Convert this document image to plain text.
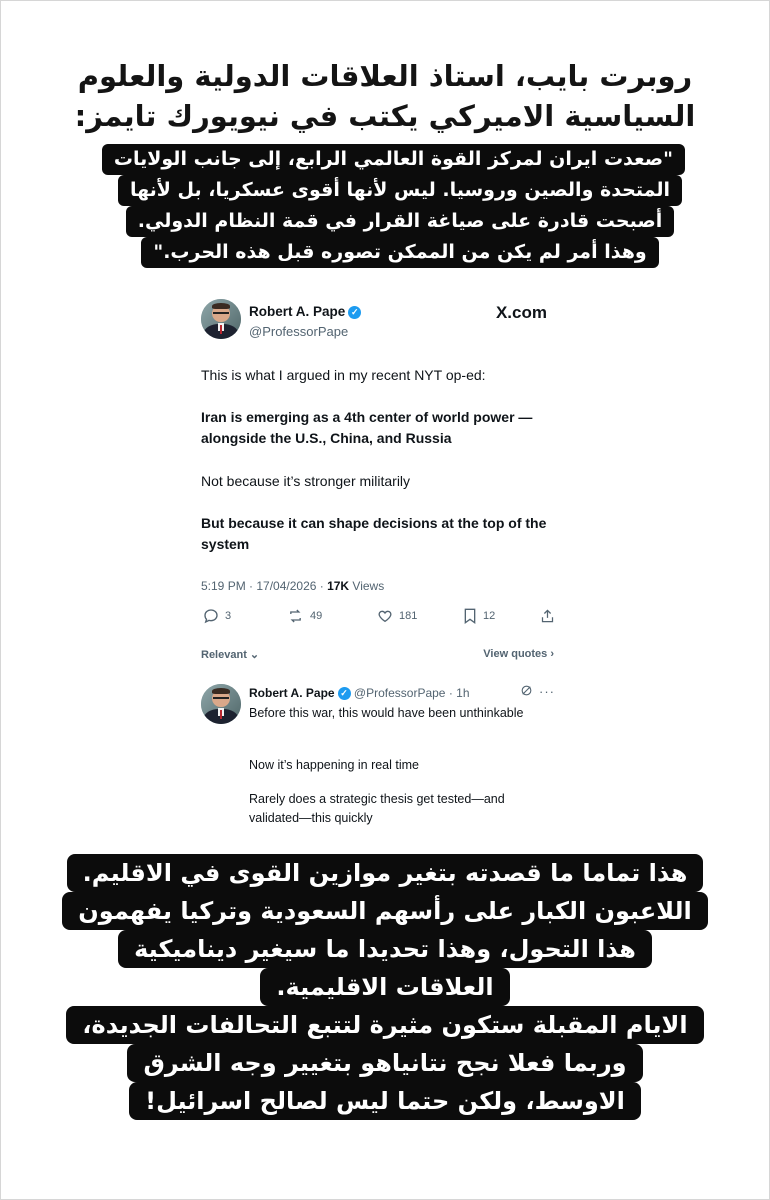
روبرت بايب، استاذ العلاقات الدولية والعلوم
السياسية الاميركي يكتب في نيويورك تايمز:
"صعدت ايران لمركز القوة العالمي الرابع، إلى جانب الولايات
المتحدة والصين وروسيا. ليس لأنها أقوى عسكريا، بل لأنها
أصبحت قادرة على صياغة القرار في قمة النظام الدولي.
وهذا أمر لم يكن من الممكن تصوره قبل هذه الحرب."
Robert A. Pape ✓
@ProfessorPape
X.com
This is what I argued in my recent NYT op-ed:
Iran is emerging as a 4th center of world power —alongside the U.S., China, and Russia
Not because it’s stronger militarily
But because it can shape decisions at the top of the system
5:19 PM · 17/04/2026 · 17K Views
3	49	181	12
Relevant ⌄	View quotes ›
Robert A. Pape ✓ @ProfessorPape · 1h	···
Before this war, this would have been unthinkable
Now it’s happening in real time
Rarely does a strategic thesis get tested—and validated—this quickly
هذا تماما ما قصدته بتغير موازين القوى في الاقليم.
اللاعبون الكبار على رأسهم السعودية وتركيا يفهمون
هذا التحول، وهذا تحديدا ما سيغير ديناميكية
العلاقات الاقليمية.
الايام المقبلة ستكون مثيرة لتتبع التحالفات الجديدة،
وربما فعلا نجح نتانياهو بتغيير وجه الشرق
الاوسط، ولكن حتما ليس لصالح اسرائيل!
